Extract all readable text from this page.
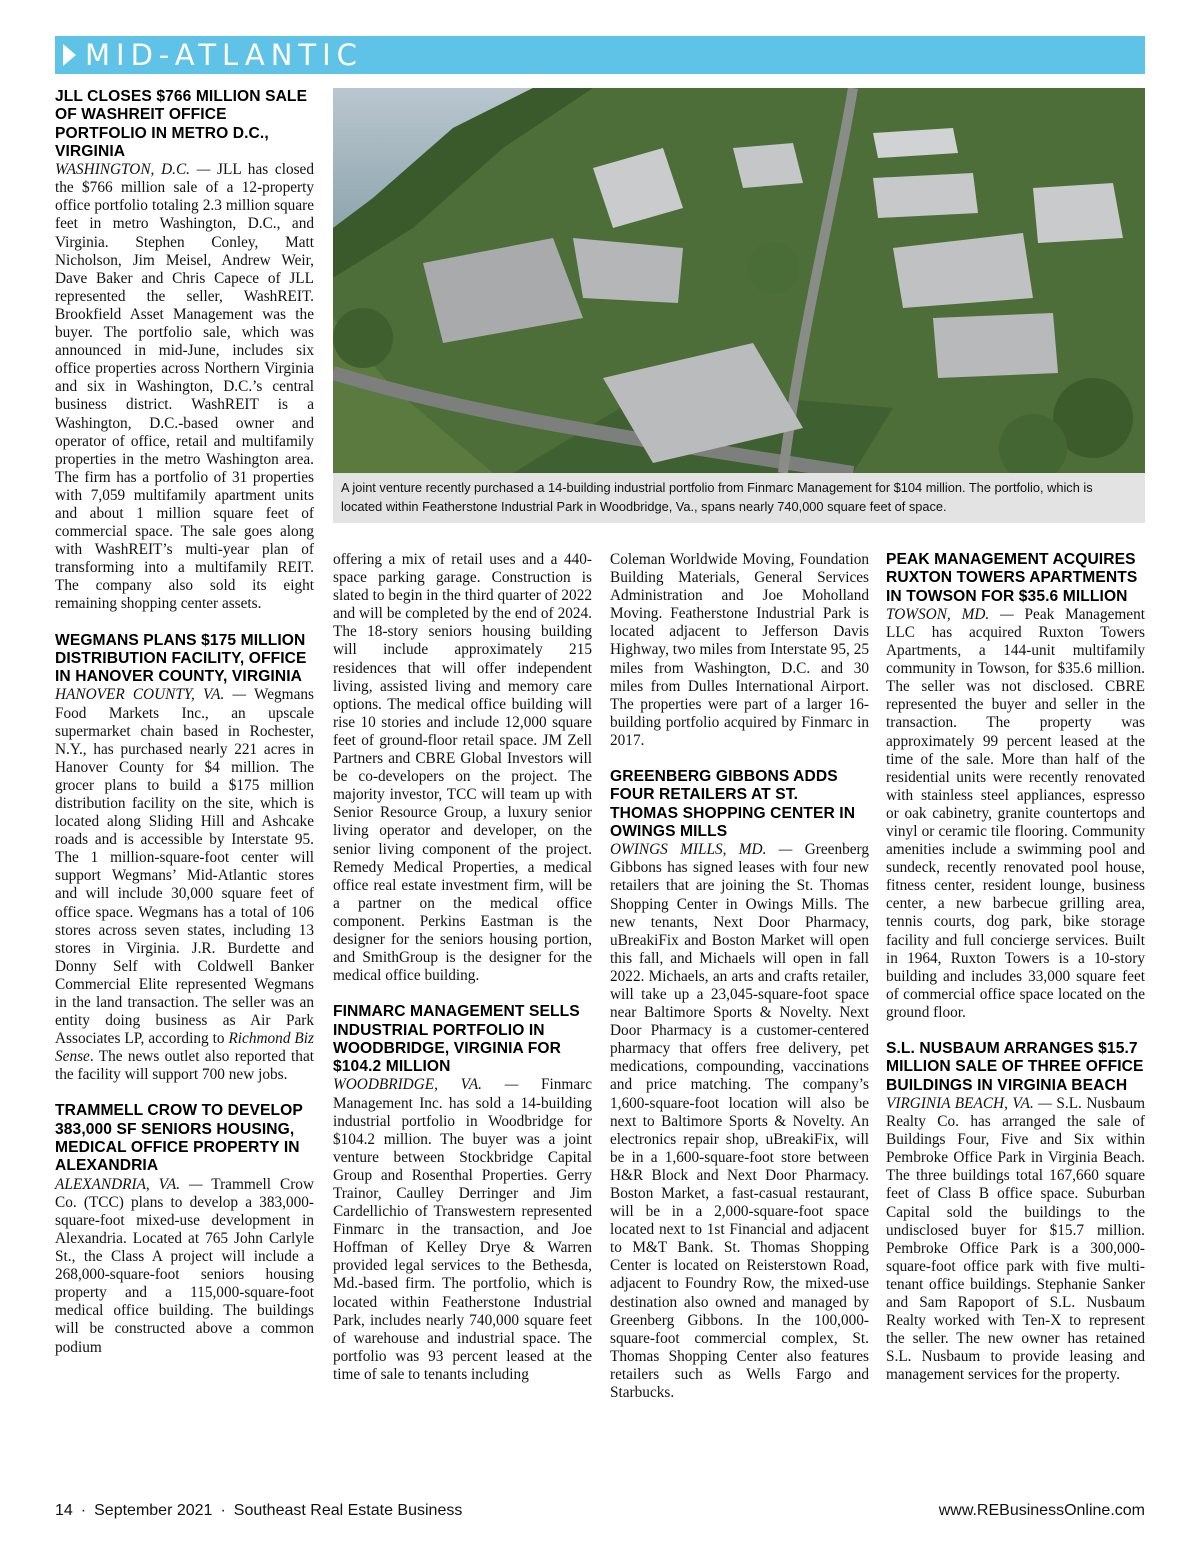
MID-ATLANTIC
JLL CLOSES $766 MILLION SALE OF WASHREIT OFFICE PORTFOLIO IN METRO D.C., VIRGINIA

WASHINGTON, D.C. — JLL has closed the $766 million sale of a 12-property office portfolio totaling 2.3 million square feet in metro Washington, D.C., and Virginia. Stephen Conley, Matt Nicholson, Jim Meisel, Andrew Weir, Dave Baker and Chris Capece of JLL represented the seller, WashREIT. Brookfield Asset Management was the buyer. The portfolio sale, which was announced in mid-June, includes six office properties across Northern Virginia and six in Washington, D.C.’s central business district. WashREIT is a Washington, D.C.-based owner and operator of office, retail and multifamily properties in the metro Washington area. The firm has a portfolio of 31 properties with 7,059 multifamily apartment units and about 1 million square feet of commercial space. The sale goes along with WashREIT’s multi-year plan of transforming into a multifamily REIT. The company also sold its eight remaining shopping center assets.

WEGMANS PLANS $175 MILLION DISTRIBUTION FACILITY, OFFICE IN HANOVER COUNTY, VIRGINIA

HANOVER COUNTY, VA. — Wegmans Food Markets Inc., an upscale supermarket chain based in Rochester, N.Y., has purchased nearly 221 acres in Hanover County for $4 million. The grocer plans to build a $175 million distribution facility on the site, which is located along Sliding Hill and Ashcake roads and is accessible by Interstate 95. The 1 million-square-foot center will support Wegmans’ Mid-Atlantic stores and will include 30,000 square feet of office space. Wegmans has a total of 106 stores across seven states, including 13 stores in Virginia. J.R. Burdette and Donny Self with Coldwell Banker Commercial Elite represented Wegmans in the land transaction. The seller was an entity doing business as Air Park Associates LP, according to Richmond Biz Sense. The news outlet also reported that the facility will support 700 new jobs.

TRAMMELL CROW TO DEVELOP 383,000 SF SENIORS HOUSING, MEDICAL OFFICE PROPERTY IN ALEXANDRIA

ALEXANDRIA, VA. — Trammell Crow Co. (TCC) plans to develop a 383,000-square-foot mixed-use development in Alexandria. Located at 765 John Carlyle St., the Class A project will include a 268,000-square-foot seniors housing property and a 115,000-square-foot medical office building. The buildings will be constructed above a common podium

A joint venture recently purchased a 14-building industrial portfolio from Finmarc Management for $104 million. The portfolio, which is located within Featherstone Industrial Park in Woodbridge, Va., spans nearly 740,000 square feet of space.

offering a mix of retail uses and a 440-space parking garage. Construction is slated to begin in the third quarter of 2022 and will be completed by the end of 2024. The 18-story seniors housing building will include approximately 215 residences that will offer independent living, assisted living and memory care options. The medical office building will rise 10 stories and include 12,000 square feet of ground-floor retail space. JM Zell Partners and CBRE Global Investors will be co-developers on the project. The majority investor, TCC will team up with Senior Resource Group, a luxury senior living operator and developer, on the senior living component of the project. Remedy Medical Properties, a medical office real estate investment firm, will be a partner on the medical office component. Perkins Eastman is the designer for the seniors housing portion, and SmithGroup is the designer for the medical office building.

FINMARC MANAGEMENT SELLS INDUSTRIAL PORTFOLIO IN WOODBRIDGE, VIRGINIA FOR $104.2 MILLION

WOODBRIDGE, VA. — Finmarc Management Inc. has sold a 14-building industrial portfolio in Woodbridge for $104.2 million. The buyer was a joint venture between Stockbridge Capital Group and Rosenthal Properties. Gerry Trainor, Caulley Derringer and Jim Cardellichio of Transwestern represented Finmarc in the transaction, and Joe Hoffman of Kelley Drye & Warren provided legal services to the Bethesda, Md.-based firm. The portfolio, which is located within Featherstone Industrial Park, includes nearly 740,000 square feet of warehouse and industrial space. The portfolio was 93 percent leased at the time of sale to tenants including

Coleman Worldwide Moving, Foundation Building Materials, General Services Administration and Joe Moholland Moving. Featherstone Industrial Park is located adjacent to Jefferson Davis Highway, two miles from Interstate 95, 25 miles from Washington, D.C. and 30 miles from Dulles International Airport. The properties were part of a larger 16-building portfolio acquired by Finmarc in 2017.

GREENBERG GIBBONS ADDS FOUR RETAILERS AT ST. THOMAS SHOPPING CENTER IN OWINGS MILLS

OWINGS MILLS, MD. — Greenberg Gibbons has signed leases with four new retailers that are joining the St. Thomas Shopping Center in Owings Mills. The new tenants, Next Door Pharmacy, uBreakiFix and Boston Market will open this fall, and Michaels will open in fall 2022. Michaels, an arts and crafts retailer, will take up a 23,045-square-foot space near Baltimore Sports & Novelty. Next Door Pharmacy is a customer-centered pharmacy that offers free delivery, pet medications, compounding, vaccinations and price matching. The company’s 1,600-square-foot location will also be next to Baltimore Sports & Novelty. An electronics repair shop, uBreakiFix, will be in a 1,600-square-foot store between H&R Block and Next Door Pharmacy. Boston Market, a fast-casual restaurant, will be in a 2,000-square-foot space located next to 1st Financial and adjacent to M&T Bank. St. Thomas Shopping Center is located on Reisterstown Road, adjacent to Foundry Row, the mixed-use destination also owned and managed by Greenberg Gibbons. In the 100,000-square-foot commercial complex, St. Thomas Shopping Center also features retailers such as Wells Fargo and Starbucks.

PEAK MANAGEMENT ACQUIRES RUXTON TOWERS APARTMENTS IN TOWSON FOR $35.6 MILLION

TOWSON, MD. — Peak Management LLC has acquired Ruxton Towers Apartments, a 144-unit multifamily community in Towson, for $35.6 million. The seller was not disclosed. CBRE represented the buyer and seller in the transaction. The property was approximately 99 percent leased at the time of the sale. More than half of the residential units were recently renovated with stainless steel appliances, espresso or oak cabinetry, granite countertops and vinyl or ceramic tile flooring. Community amenities include a swimming pool and sundeck, recently renovated pool house, fitness center, resident lounge, business center, a new barbecue grilling area, tennis courts, dog park, bike storage facility and full concierge services. Built in 1964, Ruxton Towers is a 10-story building and includes 33,000 square feet of commercial office space located on the ground floor.

S.L. NUSBAUM ARRANGES $15.7 MILLION SALE OF THREE OFFICE BUILDINGS IN VIRGINIA BEACH

VIRGINIA BEACH, VA. — S.L. Nusbaum Realty Co. has arranged the sale of Buildings Four, Five and Six within Pembroke Office Park in Virginia Beach. The three buildings total 167,660 square feet of Class B office space. Suburban Capital sold the buildings to the undisclosed buyer for $15.7 million. Pembroke Office Park is a 300,000-square-foot office park with five multi-tenant office buildings. Stephanie Sanker and Sam Rapoport of S.L. Nusbaum Realty worked with Ten-X to represent the seller. The new owner has retained S.L. Nusbaum to provide leasing and management services for the property.

14 · September 2021 · Southeast Real Estate Business	www.REBusinessOnline.com
